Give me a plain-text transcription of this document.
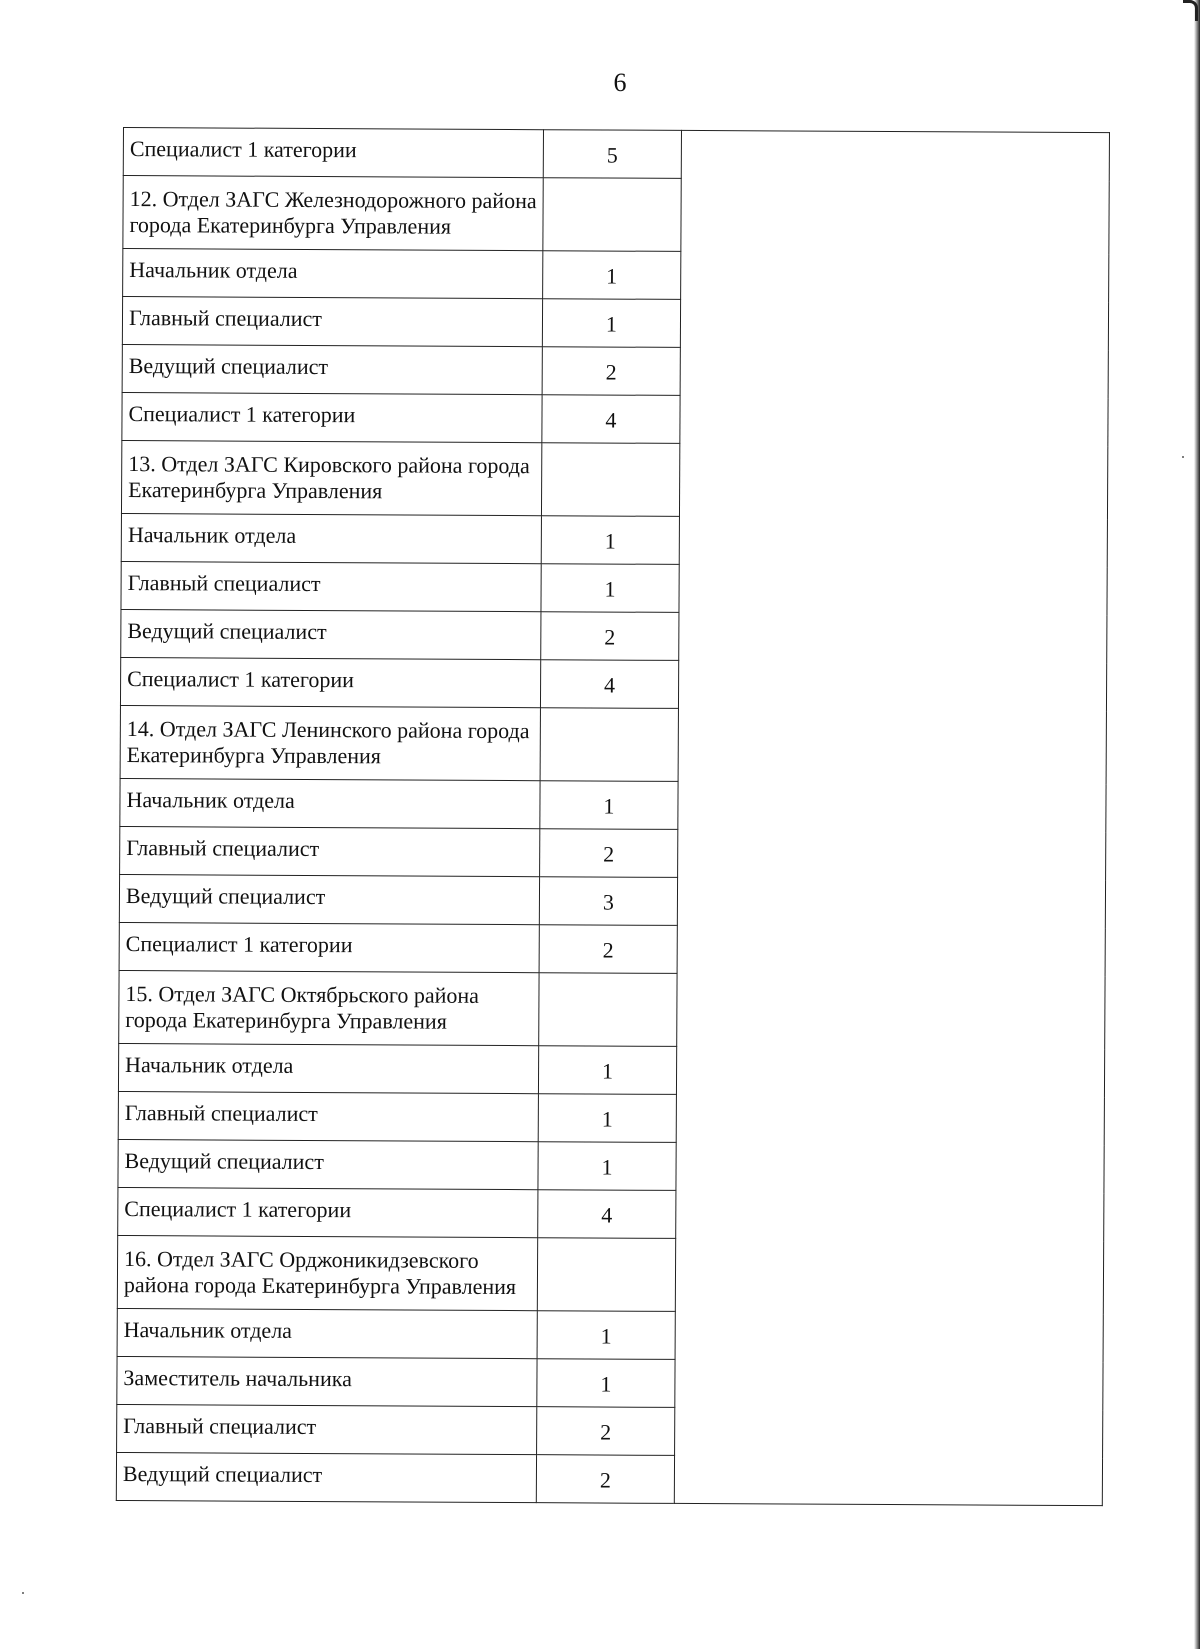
6
Специалист 1 категории	5	
12. Отдел ЗАГС Железнодорожного района города Екатеринбурга Управления		
Начальник отдела	1	
Главный специалист	1	
Ведущий специалист	2	
Специалист 1 категории	4	
13. Отдел ЗАГС Кировского района города Екатеринбурга Управления		
Начальник отдела	1	
Главный специалист	1	
Ведущий специалист	2	
Специалист 1 категории	4	
14. Отдел ЗАГС Ленинского района города Екатеринбурга Управления		
Начальник отдела	1	
Главный специалист	2	
Ведущий специалист	3	
Специалист 1 категории	2	
15. Отдел ЗАГС Октябрьского района города Екатеринбурга Управления		
Начальник отдела	1	
Главный специалист	1	
Ведущий специалист	1	
Специалист 1 категории	4	
16. Отдел ЗАГС Орджоникидзевского района города Екатеринбурга Управления		
Начальник отдела	1	
Заместитель начальника	1	
Главный специалист	2	
Ведущий специалист	2	
